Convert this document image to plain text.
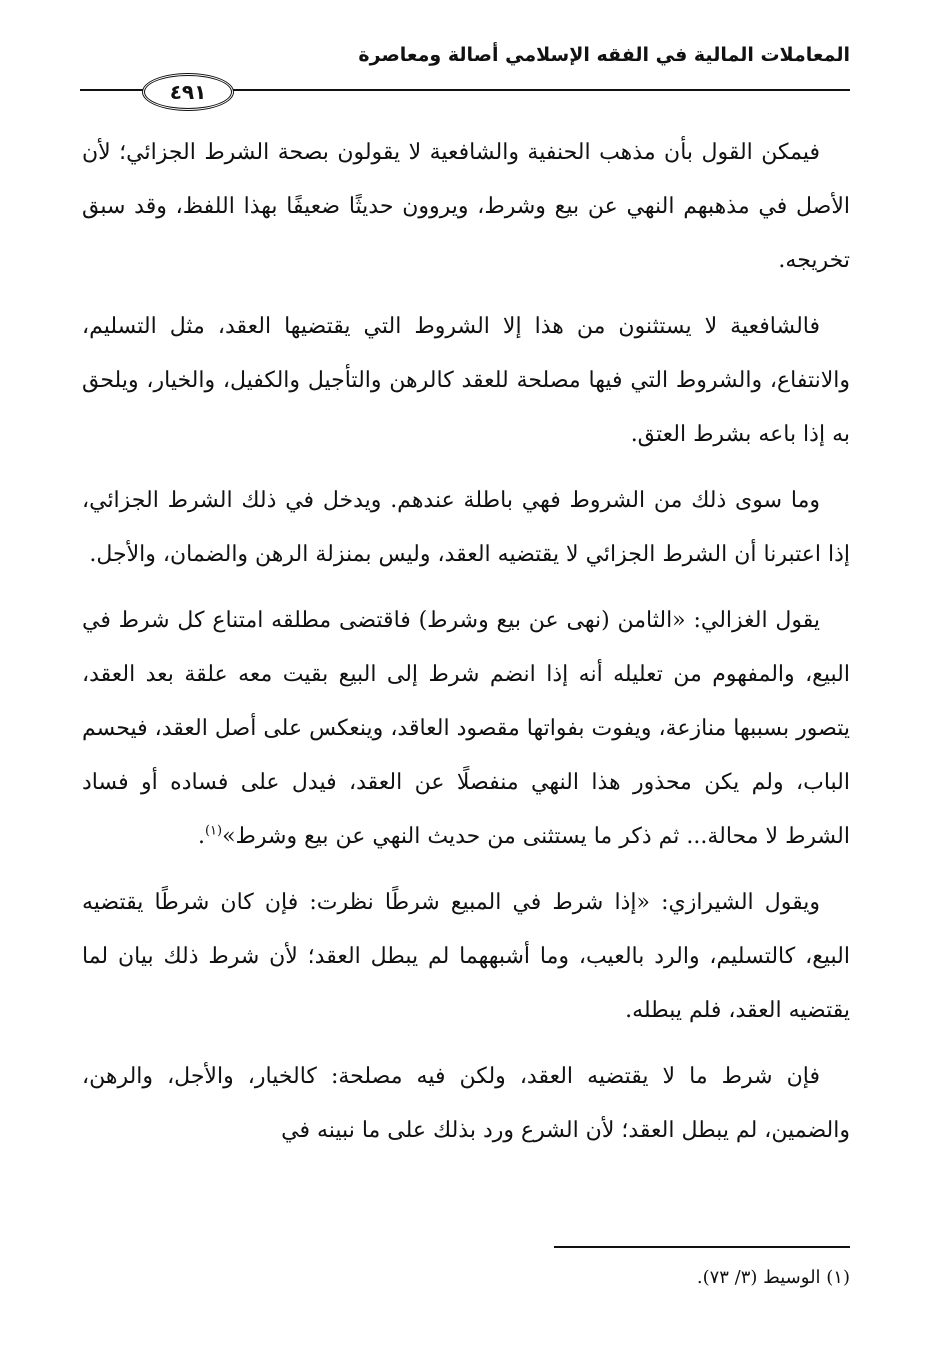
المعاملات المالية في الفقه الإسلامي أصالة ومعاصرة
٤٩١

فيمكن القول بأن مذهب الحنفية والشافعية لا يقولون بصحة الشرط الجزائي؛ لأن الأصل في مذهبهم النهي عن بيع وشرط، ويروون حديثًا ضعيفًا بهذا اللفظ، وقد سبق تخريجه.

فالشافعية لا يستثنون من هذا إلا الشروط التي يقتضيها العقد، مثل التسليم، والانتفاع، والشروط التي فيها مصلحة للعقد كالرهن والتأجيل والكفيل، والخيار، ويلحق به إذا باعه بشرط العتق.

وما سوى ذلك من الشروط فهي باطلة عندهم. ويدخل في ذلك الشرط الجزائي، إذا اعتبرنا أن الشرط الجزائي لا يقتضيه العقد، وليس بمنزلة الرهن والضمان، والأجل.

يقول الغزالي: «الثامن (نهى عن بيع وشرط) فاقتضى مطلقه امتناع كل شرط في البيع، والمفهوم من تعليله أنه إذا انضم شرط إلى البيع بقيت معه علقة بعد العقد، يتصور بسببها منازعة، ويفوت بفواتها مقصود العاقد، وينعكس على أصل العقد، فيحسم الباب، ولم يكن محذور هذا النهي منفصلًا عن العقد، فيدل على فساده أو فساد الشرط لا محالة... ثم ذكر ما يستثنى من حديث النهي عن بيع وشرط»$^{(١)}$.

ويقول الشيرازي: «إذا شرط في المبيع شرطًا نظرت: فإن كان شرطًا يقتضيه البيع، كالتسليم، والرد بالعيب، وما أشبههما لم يبطل العقد؛ لأن شرط ذلك بيان لما يقتضيه العقد، فلم يبطله.

فإن شرط ما لا يقتضيه العقد، ولكن فيه مصلحة: كالخيار، والأجل، والرهن، والضمين، لم يبطل العقد؛ لأن الشرع ورد بذلك على ما نبينه في

(١) الوسيط (٣/ ٧٣).
